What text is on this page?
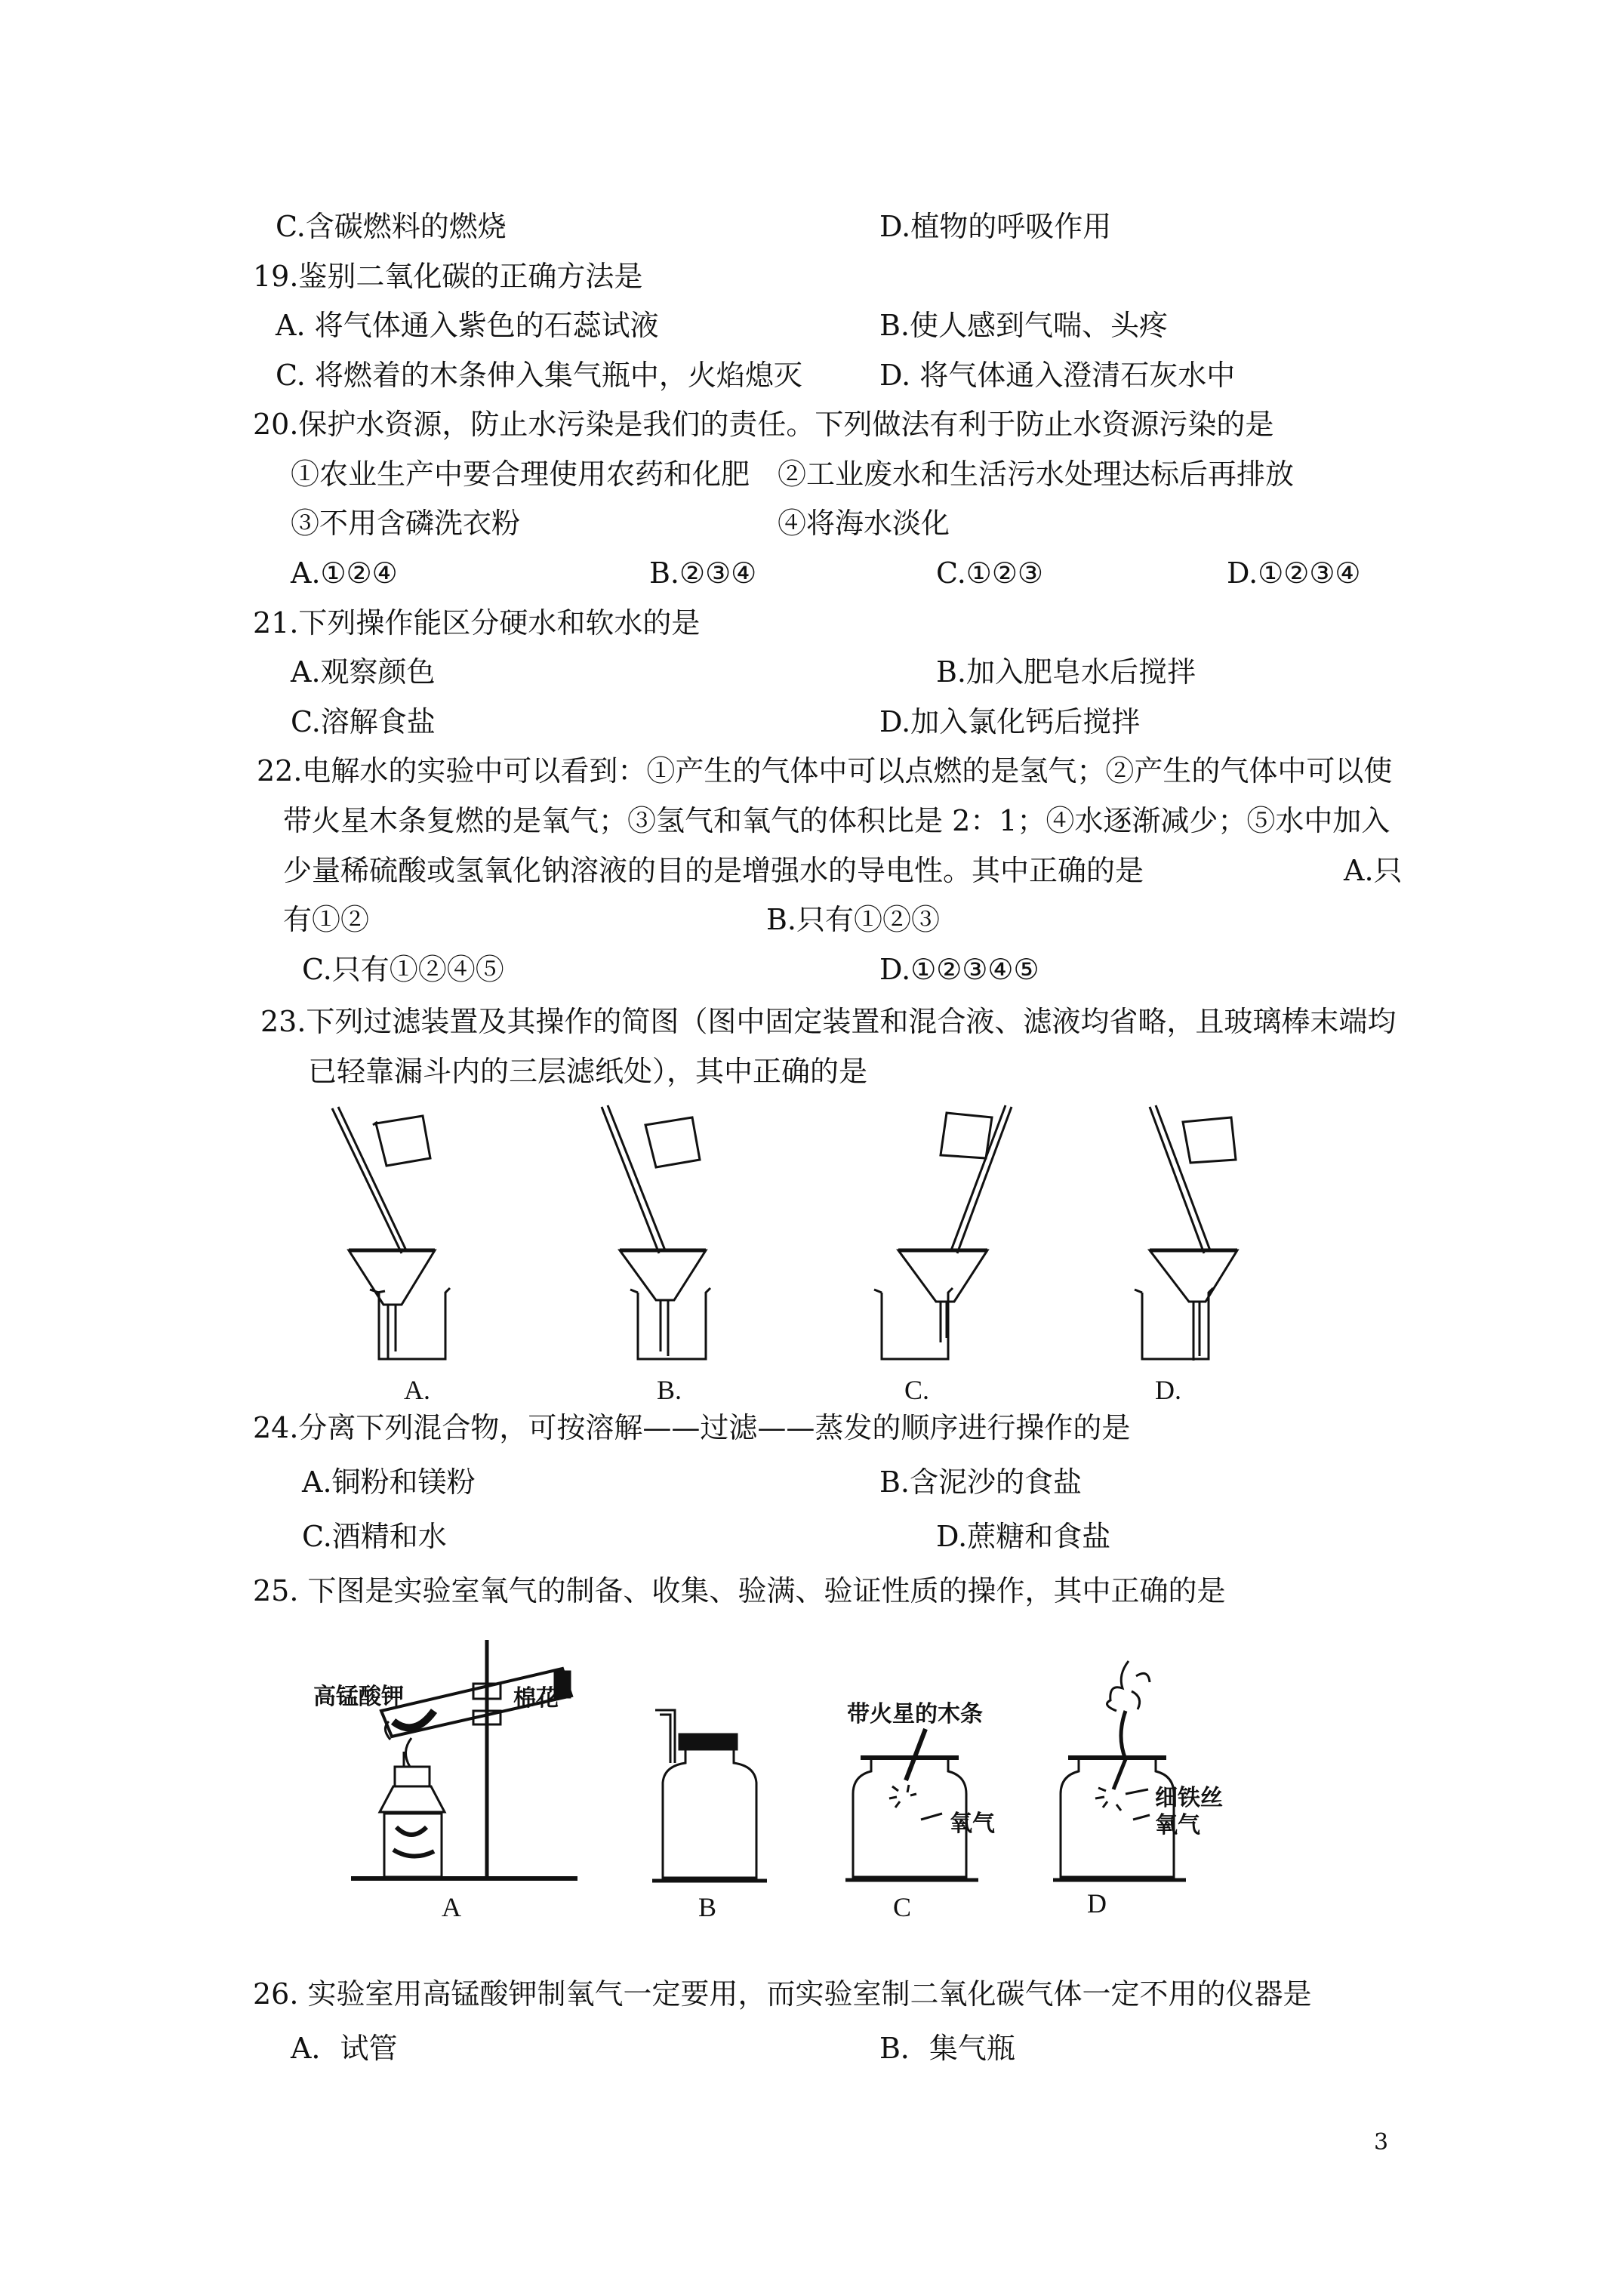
C.含碳燃料的燃烧	D.植物的呼吸作用
19.鉴别二氧化碳的正确方法是
A. 将气体通入紫色的石蕊试液	B.使人感到气喘、头疼
C. 将燃着的木条伸入集气瓶中，火焰熄灭	D. 将气体通入澄清石灰水中
20.保护水资源，防止水污染是我们的责任。下列做法有利于防止水资源污染的是
①农业生产中要合理使用农药和化肥 ②工业废水和生活污水处理达标后再排放
③不用含磷洗衣粉	④将海水淡化
A.①②④	B.②③④	C.①②③	D.①②③④
21.下列操作能区分硬水和软水的是
A.观察颜色	B.加入肥皂水后搅拌
C.溶解食盐	D.加入氯化钙后搅拌
22.电解水的实验中可以看到：①产生的气体中可以点燃的是氢气；②产生的气体中可以使
带火星木条复燃的是氧气；③氢气和氧气的体积比是 2：1；④水逐渐减少；⑤水中加入
少量稀硫酸或氢氧化钠溶液的目的是增强水的导电性。其中正确的是	A.只
有①②	B.只有①②③
C.只有①②④⑤	D.①②③④⑤
23.下列过滤装置及其操作的简图（图中固定装置和混合液、滤液均省略，且玻璃棒末端均
已轻靠漏斗内的三层滤纸处），其中正确的是
A.	B.	C.	D.
24.分离下列混合物，可按溶解——过滤——蒸发的顺序进行操作的是
A.铜粉和镁粉	B.含泥沙的食盐
C.酒精和水	D.蔗糖和食盐
25. 下图是实验室氧气的制备、收集、验满、验证性质的操作，其中正确的是
高锰酸钾	棉花
带火星的木条
氧气
细铁丝
氧气
A	B	C	D
26. 实验室用高锰酸钾制氧气一定要用，而实验室制二氧化碳气体一定不用的仪器是
A．试管	B．集气瓶
3
